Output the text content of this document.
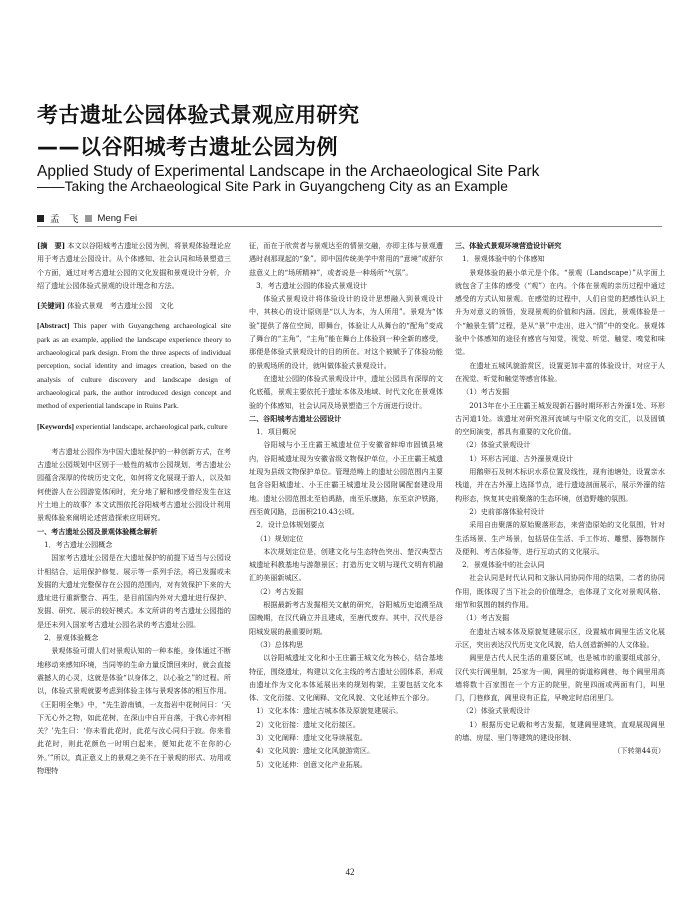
考古遗址公园体验式景观应用研究
——以谷阳城考古遗址公园为例
Applied Study of Experimental Landscape in the Archaeological Site Park
——Taking the Archaeological Site Park in Guyangcheng City as an Example
孟　飞 Meng Fei

[摘　要] 本文以谷阳城考古遗址公园为例，将景观体验理论应用于考古遗址公园设计。从个体感知、社会认同和场景塑造三个方面，通过对考古遗址公园的文化发掘和景观设计分析，介绍了遗址公园体验式景观的设计理念和方法。

[关键词] 体验式景观　考古遗址公园　文化

[Abstract] This paper with Guyangcheng archaeological site park as an example, applied the landscape experience theory to archaeological park design. From the three aspects of individual perception, social identity and images creation, based on the analysis of culture discovery and landscape design of archaeological park, the author introduced design concept and method of experiential landscape in Ruins Park.

[Keywords] experiential landscape, archaeological park, culture

考古遗址公园作为中国大遗址保护的一种创新方式，在考古遗址公园规划中区别于一般性的城市公园规划，考古遗址公园蕴含深厚的传统历史文化，如何将文化展现于游人，以及如何使游人在公园游览体闲时，充分地了解和感受曾经发生在这片土地上的故事？本文试图依托谷阳城考古遗址公园设计利用景观体验来阐明论述营造探索应用研究。

一、考古遗址公园及景观体验概念解析

1．考古遗址公园概念

国家考古遗址公园是在大遗址保护的前提下适当与公园设计相结合，运用保护修复、展示等一系列手法，将已发掘或未发掘的大遗址完整保存在公园的范围内，对有效保护下来的大遗址进行重新整合、再生，是目前国内外对大遗址进行保护、发掘、研究、展示的较好模式。本文所讲的考古遗址公园指的是还未列入国家考古遗址公园名录的考古遗址公园。

2．景观体验概念

景观体验可谓人们对景观认知的一种本能，身体通过不断地移动来感知环境，当同等的生命力量反馈回来时，就会直接震撼人的心灵，这就是体验“以身体之，以心验之”的过程。所以，体验式景观就要考虑到体验主体与景观客体的相互作用。《王阳明全集》中，“先生游南镇，一友指岩中花树问曰：‘天下无心外之物，如此花树，在深山中自开自落，于我心亦何相关？’先生曰：‘你未看此花时，此花与汝心同归于寂。你来看此花时，则此花颜色一时明白起来，便知此花不在你的心外。’”所以，真正意义上的景观之美不在于景观的形式、功用或物理特

征，而在于欣赏者与景观达至的情景交融，亦即主体与景观遭遇时刹那现起的“象”。即中国传统美学中常用的“意境”或舒尔兹意义上的“场所精神”，或者说是一种场所“气氛”。

3．考古遗址公园的体验式景观设计

体验式景观设计将体验设计的设计思想融入到景观设计中，其核心的设计原则是“以人为本，为人所用”。景观为“体验”提供了落位空间，即舞台，体验让人从舞台的“配角”变成了舞台的“主角”，“主角”能在舞台上体验到一种全新的感受，那便是体验式景观设计的目的所在。对这个被赋予了体验功能的景观场所的设计，就叫做体验式景观设计。

在遗址公园的体验式景观设计中，遗址公园具有深厚的文化底蕴，景观主要依托于遗址本体及地域、时代文化在景观体验的个体感知，社会认同及场景塑造三个方面进行设计。

二、谷阳城考古遗址公园设计

1．项目概况

谷阳城与小王庄霸王城遗址位于安徽省蚌埠市固镇县境内，谷阳城遗址现为安徽省级文物保护单位，小王庄霸王城遗址现为县级文物保护单位。管理范畴上的遗址公园范围内主要包含谷阳城遗址、小王庄霸王城遗址及公园附属配套建设用地。遗址公园范围北至伯禹路，南至乐康路，东至京沪铁路，西至黄冈路，总面积210.43公顷。

2．设计总体规划要点

（1）规划定位

本次规划定位是，创建文化与生态特色突出、楚汉典型古城遗址科教基地与游憩景区；打造历史文明与现代文明有机融汇的美丽新城区。

（2）考古发掘

根据最新考古发掘相关文献的研究，谷阳城历史追溯至战国晚期，在汉代确立并且建成，至唐代废弃。其中，汉代是谷阳城发展的最重要时期。

（3）总体构思

以谷阳城遗址文化和小王庄霸王城文化为核心，结合基地特征，围绕遗址，构建以文化主线的考古遗址公园体系，形成由遗址作为文化本体延展出来的规划构架，主要包括文化本体、文化衍接、文化阐释、文化风貌、文化延伸五个部分。

1）文化本体：遗址古城本体及原貌复建展示。

2）文化衍接：遗址文化衍接区。

3）文化阐释：遗址文化导读展览。

4）文化风貌：遗址文化风貌游赏区。

5）文化延伸：创意文化产业拓展。

三、体验式景观环境营造设计研究

1．景观体验中的个体感知

景观体验的最小单元是个体。“景观（Landscape）”从字面上就包含了主体的感受（“观”）在内。个体在景观的亲历过程中通过感受的方式认知景观。在感觉的过程中，人们自觉的把感性认识上升为对意义的领悟，发现景观的价值和内涵。因此，景观体验是一个“触景生情”过程，是从“景”中走出，进入“情”中的变化。景观体验中个体感知的途径有感官与知觉，视觉、听觉、触觉、嗅觉和味觉。

在遗址五城风貌游赏区，设置更加丰富的体验设计，对应于人在视觉、听觉和触觉等感官体验。

（1）考古发掘

2013年在小王庄霸王城发现新石器时期环形古外濠1处、环形古河道1处。该遗址对研究淮河流域与中原文化的交汇，以及固镇的空间演变，都具有重要的文化价值。

（2）体验式景观设计

1）环形古河道、古外濠景观设计

用鹅卵石及树木标识水系位置及线性，现有池塘处，设置亲水栈道，并在古外濠上选择节点，进行遗迹剖面展示，展示外濠的结构形态，恢复其史前聚落的生态环境，创造野趣的氛围。

2）史前部落体验村设计

采用自由聚落的原始聚落形态，来营造原始的文化氛围，针对生活场景、生产场景，包括居住生活、手工作坊、雕塑、器物制作及便利、考古体验等，进行互动式的文化展示。

2．景观体验中的社会认同

社会认同是时代认同和文脉认同协同作用的结果，二者的协同作用，既体现了当下社会的价值理念，也体现了文化对景观风格、细节和氛围的制约作用。

（1）考古发掘

在遗址古城本体及原貌复建展示区，设置城市阊里生活文化展示区，突出表达汉代历史文化风貌，给人创造新鲜的人文体验。

阊里是古代人民生活的重要区域，也是城市的重要组成部分，汉代实行阊里制，25家为一阊，阊里的街道称阊巷，每个阊里用高墙将数十百家围在一个方正的院里，院里四面或两面有门，叫里门，门巷修直，阊里设有正监，早晚定时启闭里门。

（2）体验式景观设计

1）根据历史记载和考古发掘，复建阊里建筑，直观展现阊里的墙、房屋、里门等建筑的建设形制、

（下转第44页）

42
